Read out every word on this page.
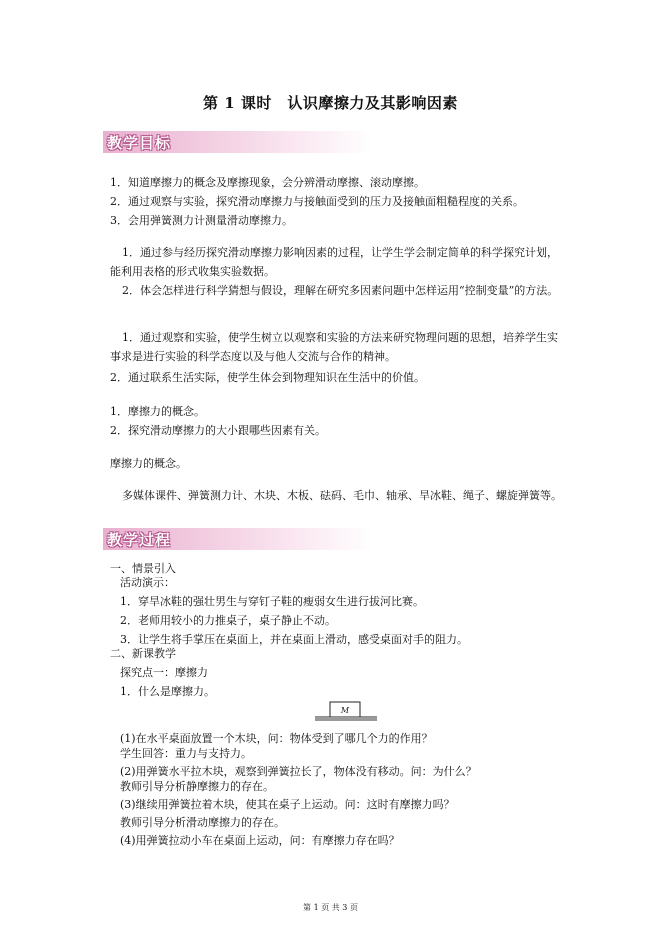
第 1 课时　认识摩擦力及其影响因素
教学目标
1．知道摩擦力的概念及摩擦现象，会分辨滑动摩擦、滚动摩擦。
2．通过观察与实验，探究滑动摩擦力与接触面受到的压力及接触面粗糙程度的关系。
3．会用弹簧测力计测量滑动摩擦力。
1．通过参与经历探究滑动摩擦力影响因素的过程，让学生学会制定简单的科学探究计划，能利用表格的形式收集实验数据。
2．体会怎样进行科学猜想与假设，理解在研究多因素问题中怎样运用“控制变量”的方法。
1．通过观察和实验，使学生树立以观察和实验的方法来研究物理问题的思想，培养学生实事求是进行实验的科学态度以及与他人交流与合作的精神。
2．通过联系生活实际，使学生体会到物理知识在生活中的价值。
1．摩擦力的概念。
2．探究滑动摩擦力的大小跟哪些因素有关。
摩擦力的概念。
多媒体课件、弹簧测力计、木块、木板、砝码、毛巾、轴承、旱冰鞋、绳子、螺旋弹簧等。
教学过程
一、情景引入
活动演示：
1．穿旱冰鞋的强壮男生与穿钉子鞋的瘦弱女生进行拔河比赛。
2．老师用较小的力推桌子，桌子静止不动。
3．让学生将手掌压在桌面上，并在桌面上滑动，感受桌面对手的阻力。
二、新课教学
探究点一：摩擦力
1．什么是摩擦力。
M
(1)在水平桌面放置一个木块，问：物体受到了哪几个力的作用？
学生回答：重力与支持力。
(2)用弹簧水平拉木块，观察到弹簧拉长了，物体没有移动。问：为什么？
教师引导分析静摩擦力的存在。
(3)继续用弹簧拉着木块，使其在桌子上运动。问：这时有摩擦力吗？
教师引导分析滑动摩擦力的存在。
(4)用弹簧拉动小车在桌面上运动，问：有摩擦力存在吗？
第 1 页 共 3 页
